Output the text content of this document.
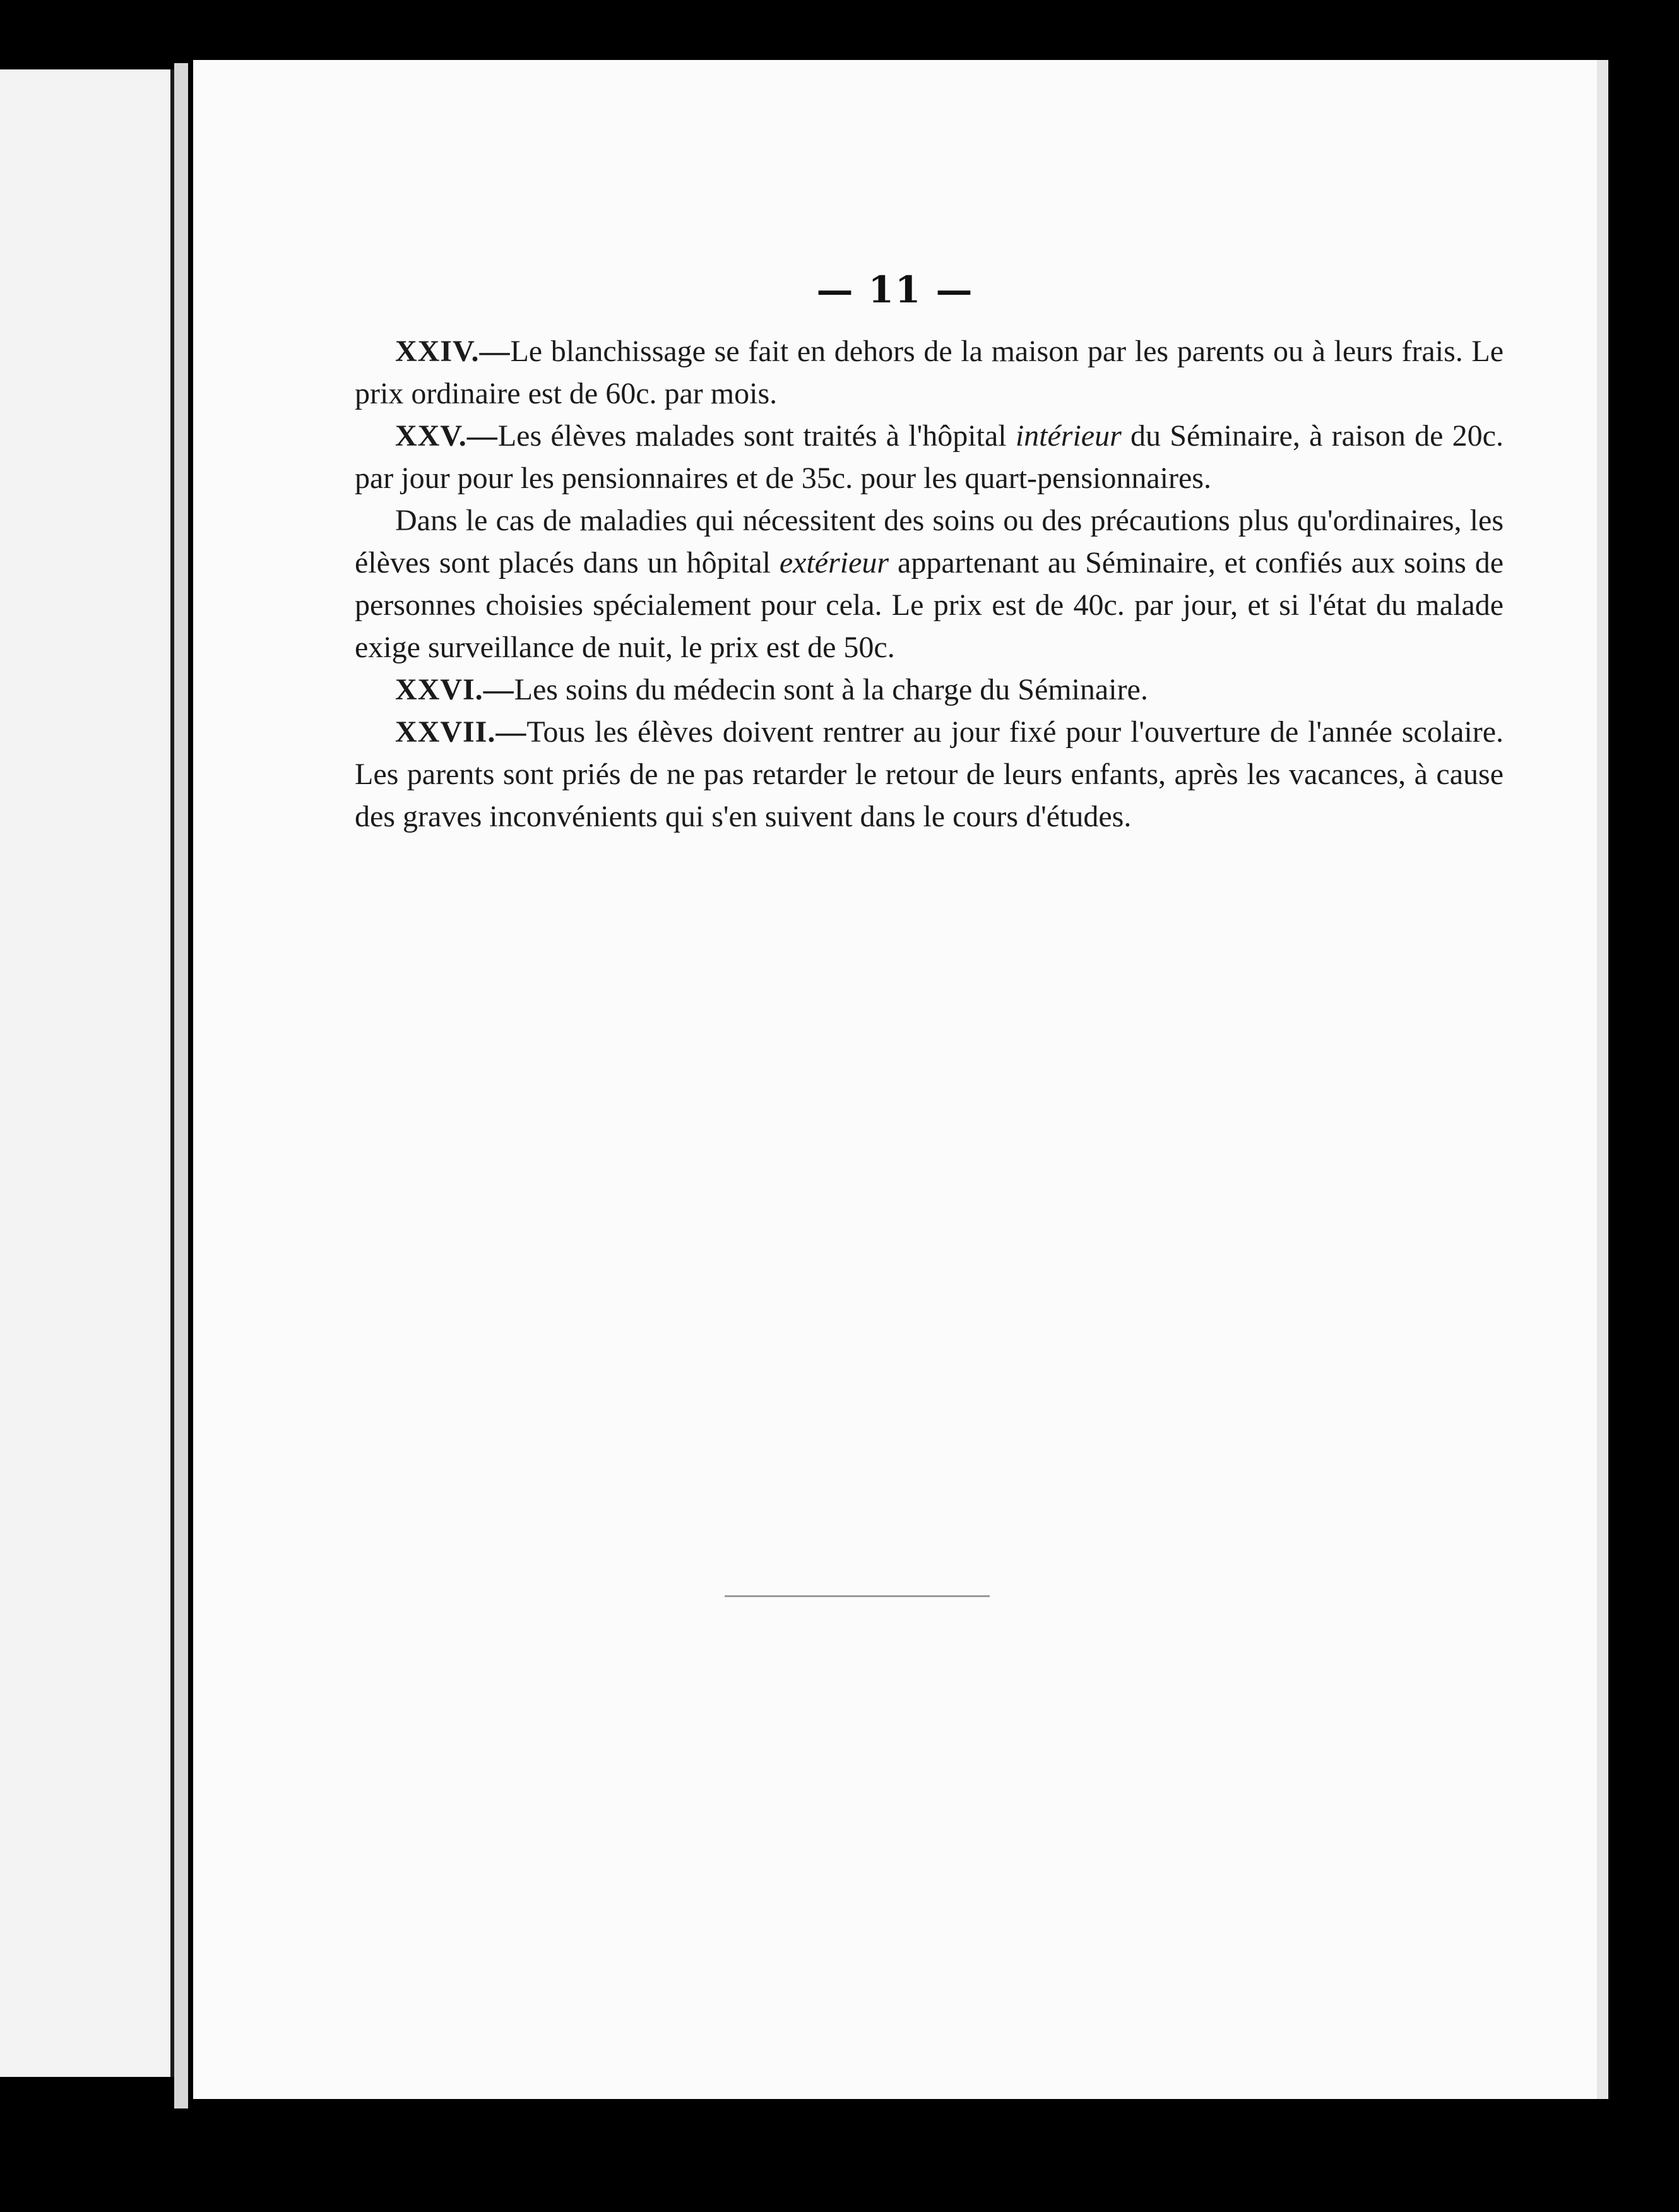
— 11 —

XXIV.—Le blanchissage se fait en dehors de la maison par les parents ou à leurs frais. Le prix ordinaire est de 60c. par mois.

XXV.—Les élèves malades sont traités à l'hôpital intérieur du Séminaire, à raison de 20c. par jour pour les pensionnaires et de 35c. pour les quart-pensionnaires.

Dans le cas de maladies qui nécessitent des soins ou des précautions plus qu'ordinaires, les élèves sont placés dans un hôpital extérieur appartenant au Séminaire, et confiés aux soins de personnes choisies spécialement pour cela. Le prix est de 40c. par jour, et si l'état du malade exige surveillance de nuit, le prix est de 50c.

XXVI.—Les soins du médecin sont à la charge du Séminaire.

XXVII.—Tous les élèves doivent rentrer au jour fixé pour l'ouverture de l'année scolaire. Les parents sont priés de ne pas retarder le retour de leurs enfants, après les vacances, à cause des graves inconvénients qui s'en suivent dans le cours d'études.
